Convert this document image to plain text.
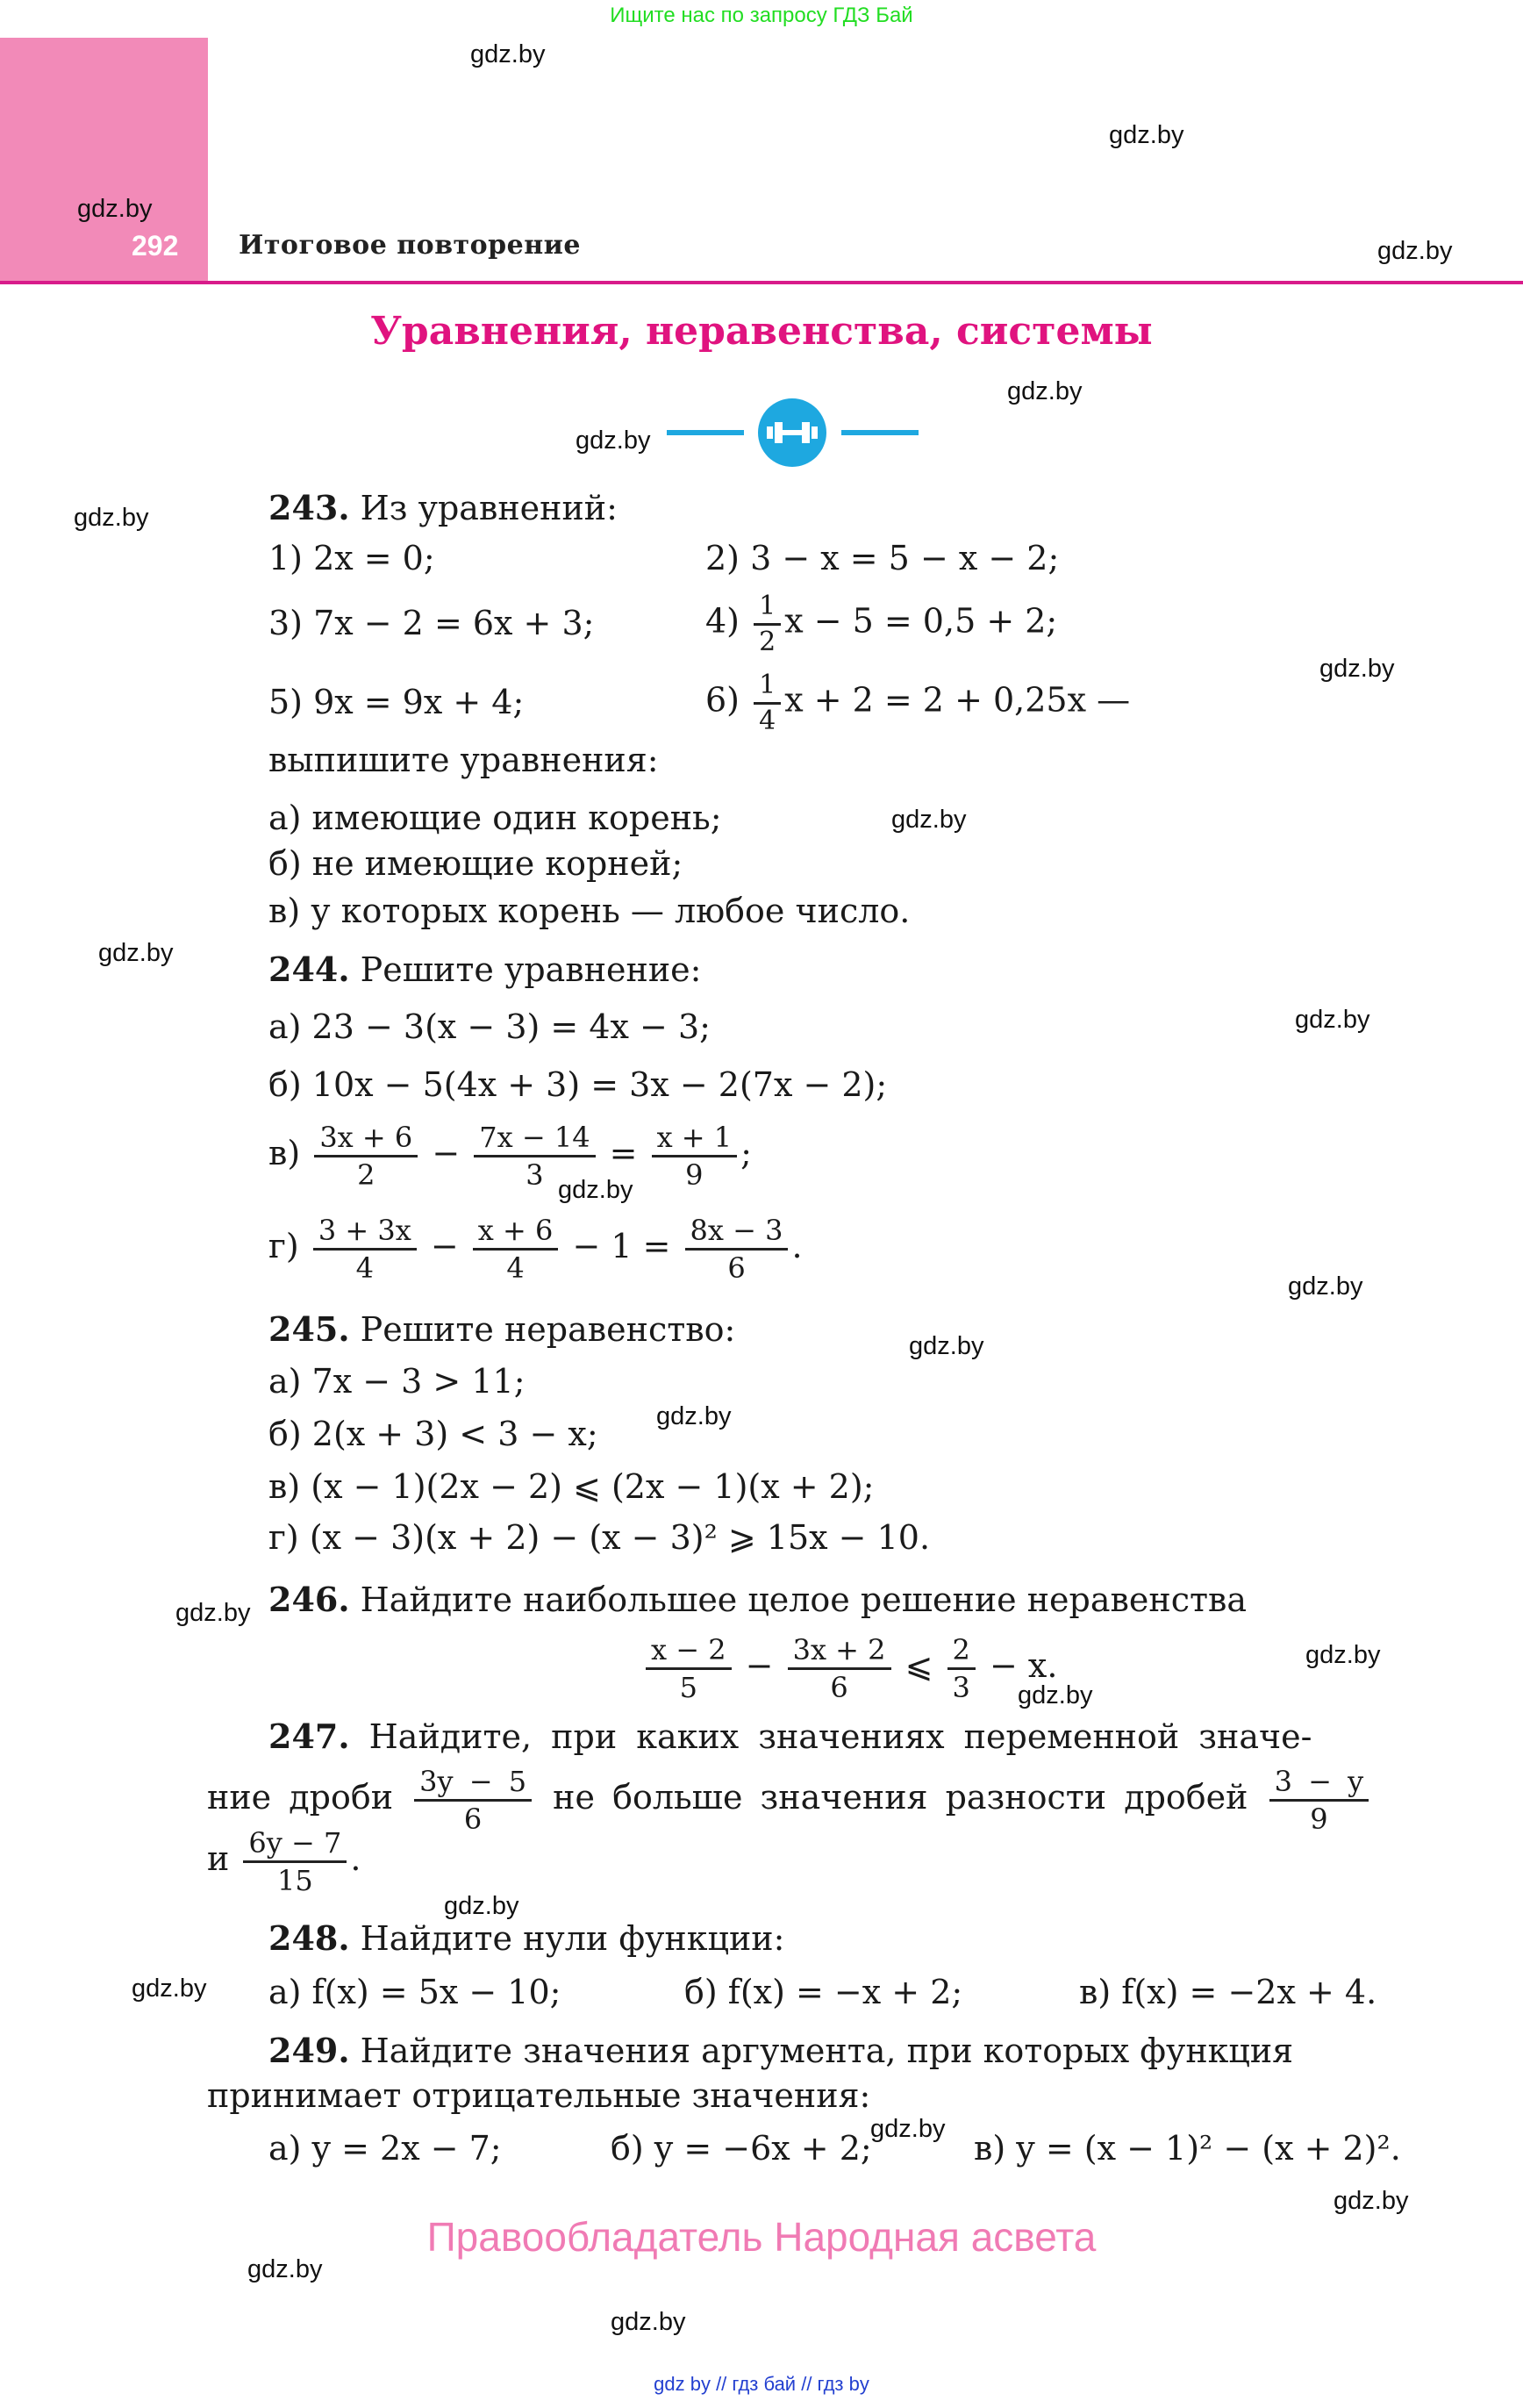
Ищите нас по запросу ГДЗ Бай
292 Итоговое повторение
Уравнения, неравенства, системы
243. Из уравнений:
1) 2x = 0;	2) 3 − x = 5 − x − 2;
3) 7x − 2 = 6x + 3;	$4) \frac{1}{2}$ x − 5 = 0,5 + 2;
5) 9x = 9x + 4;	$6) \frac{1}{4}$ x + 2 = 2 + 0,25x —
выпишите уравнения:
а) имеющие один корень;
б) не имеющие корней;
в) у которых корень — любое число.
244. Решите уравнение:
а) 23 − 3(x − 3) = 4x − 3;
б) 10x − 5(4x + 3) = 3x − 2(7x − 2);
$в) \frac{3x + 6}{2} - \frac{7x - 14}{3} = \frac{x + 1}{9}$ ;
$г) \frac{3 + 3x}{4} - \frac{x + 6}{4} - 1 = \frac{8x - 3}{6}$ .
245. Решите неравенство:
а) 7x − 3 > 11;
б) 2(x + 3) < 3 − x;
в) (x − 1)(2x − 2) ⩽ (2x − 1)(x + 2);
г) (x − 3)(x + 2) − (x − 3)² ⩾ 15x − 10.
246. Найдите наибольшее целое решение неравенства
$\frac{x - 2}{5} - \frac{3x + 2}{6}$ ⩽ $\frac{2}{3} - x$.
247. Найдите, при каких значениях переменной значе-
ние дроби $\frac{3y - 5}{6}$ не больше значения разности дробей $\frac{3 - y}{9}$
и $\frac{6y - 7}{15}$ .
248. Найдите нули функции:
а) f(x) = 5x − 10;	б) f(x) = −x + 2;	в) f(x) = −2x + 4.
249. Найдите значения аргумента, при которых функция
принимает отрицательные значения:
а) y = 2x − 7;	б) y = −6x + 2;	в) y = (x − 1)² − (x + 2)².
Правообладатель Народная асвета
gdz by // гдз бай // гдз by
gdz.by
gdz.by
gdz.by
gdz.by
gdz.by
gdz.by
gdz.by
gdz.by
gdz.by
gdz.by
gdz.by
gdz.by
gdz.by
gdz.by
gdz.by
gdz.by
gdz.by
gdz.by
gdz.by
gdz.by
gdz.by
gdz.by
gdz.by
gdz.by
